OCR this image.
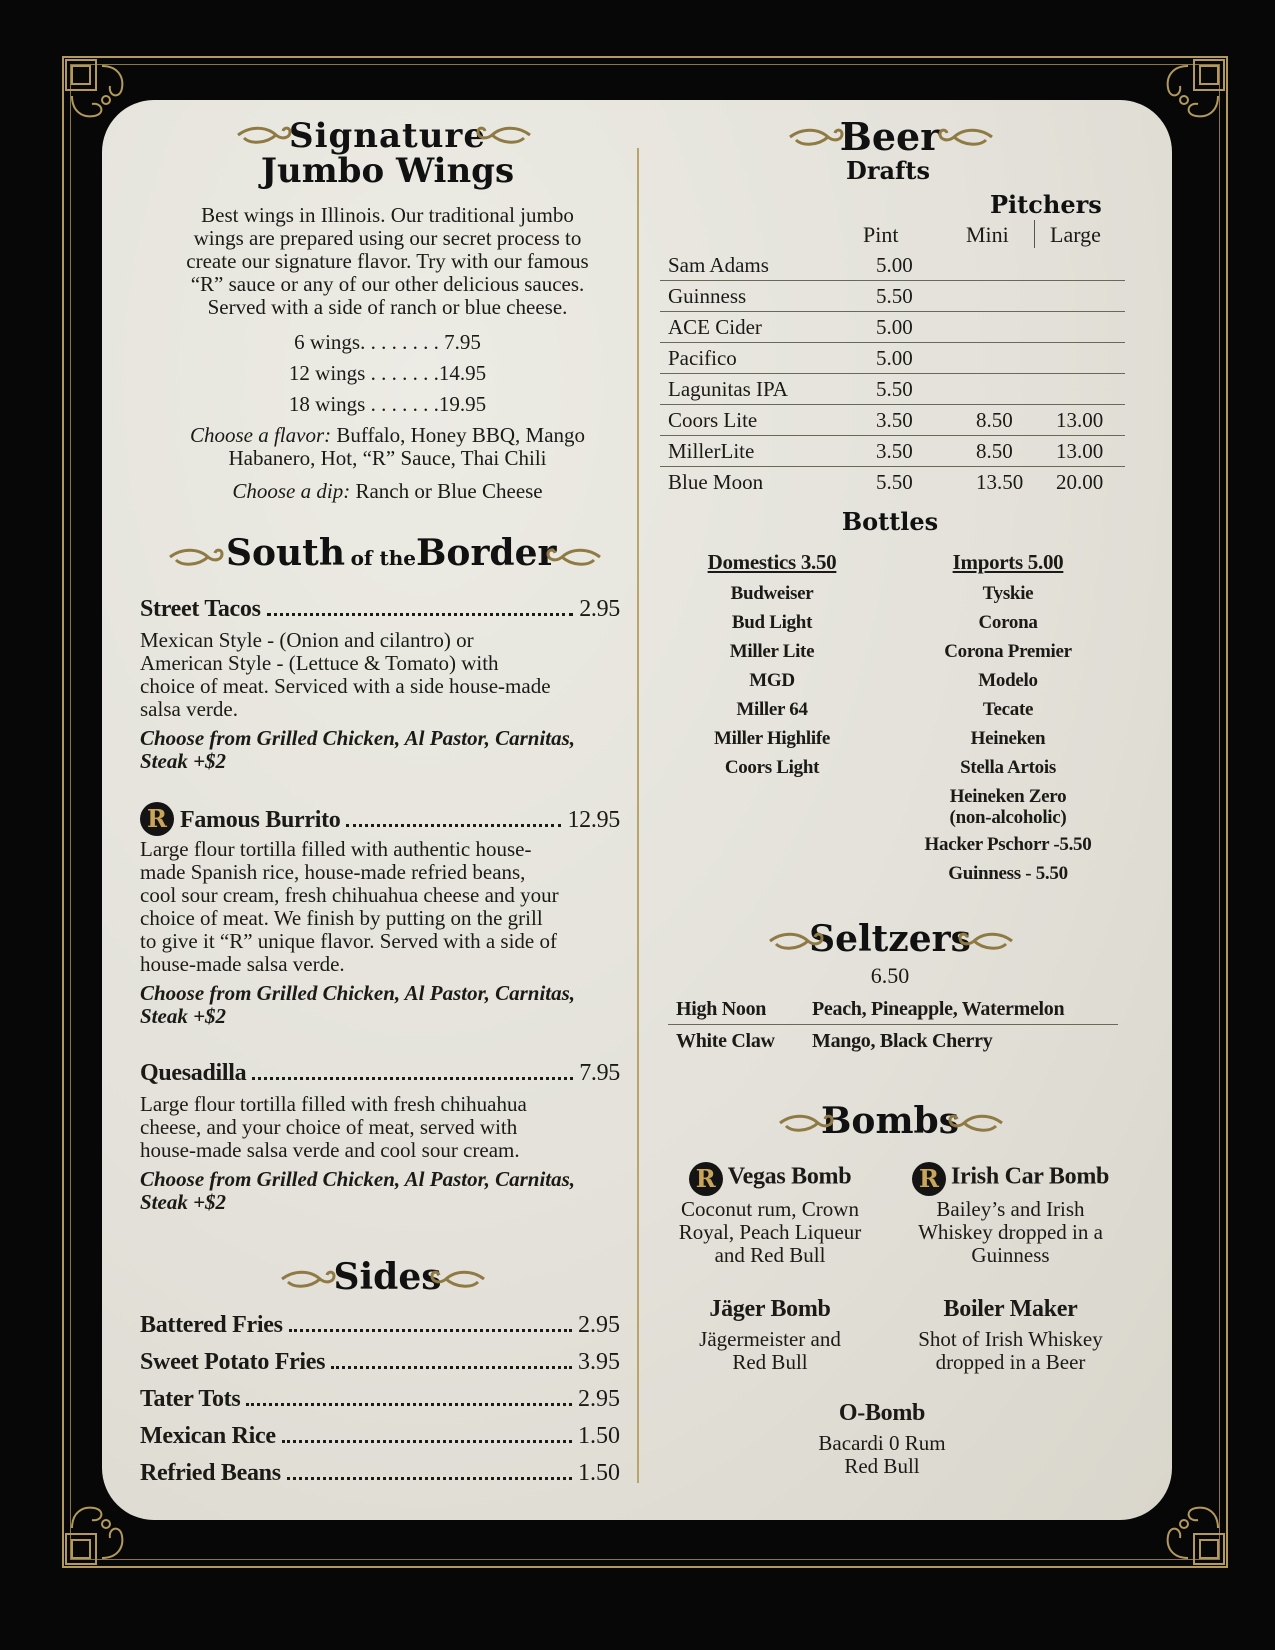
Signature
Jumbo Wings
Best wings in Illinois. Our traditional jumbo
wings are prepared using our secret process to
create our signature flavor. Try with our famous
“R” sauce or any of our other delicious sauces.
Served with a side of ranch or blue cheese.
6 wings. . . . . . . . 7.95
12 wings . . . . . . .14.95
18 wings . . . . . . .19.95
Choose a flavor: Buffalo, Honey BBQ, Mango
Habanero, Hot, “R” Sauce, Thai Chili
Choose a dip: Ranch or Blue Cheese
South of theBorder
Street Tacos	2.95
Mexican Style - (Onion and cilantro) or
American Style - (Lettuce & Tomato) with
choice of meat. Serviced with a side house-made
salsa verde.
Choose from Grilled Chicken, Al Pastor, Carnitas,
Steak +$2
R Famous Burrito	12.95
Large flour tortilla filled with authentic house-
made Spanish rice, house-made refried beans,
cool sour cream, fresh chihuahua cheese and your
choice of meat. We finish by putting on the grill
to give it “R” unique flavor. Served with a side of
house-made salsa verde.
Choose from Grilled Chicken, Al Pastor, Carnitas,
Steak +$2
Quesadilla	7.95
Large flour tortilla filled with fresh chihuahua
cheese, and your choice of meat, served with
house-made salsa verde and cool sour cream.
Choose from Grilled Chicken, Al Pastor, Carnitas,
Steak +$2
Sides
Battered Fries	2.95
Sweet Potato Fries	3.95
Tater Tots	2.95
Mexican Rice	1.50
Refried Beans	1.50
Beer
Drafts
Pitchers
Pint	Mini Large
Sam Adams	5.00		
Guinness	5.50		
ACE Cider	5.00		
Pacifico	5.00		
Lagunitas IPA	5.50		
Coors Lite	3.50	8.50	13.00
MillerLite	3.50	8.50	13.00
Blue Moon	5.50	13.50	20.00
Bottles
Domestics 3.50
Budweiser
Bud Light
Miller Lite
MGD
Miller 64
Miller Highlife
Coors Light
Imports 5.00
Tyskie
Corona
Corona Premier
Modelo
Tecate
Heineken
Stella Artois
Heineken Zero
(non-alcoholic)
Hacker Pschorr -5.50
Guinness - 5.50
Seltzers
6.50
High Noon	Peach, Pineapple, Watermelon
White Claw	Mango, Black Cherry
Bombs
R Vegas Bomb
Coconut rum, Crown
Royal, Peach Liqueur
and Red Bull
R Irish Car Bomb
Bailey’s and Irish
Whiskey dropped in a
Guinness
Jäger Bomb
Jägermeister and
Red Bull
Boiler Maker
Shot of Irish Whiskey
dropped in a Beer
O-Bomb
Bacardi 0 Rum
Red Bull
